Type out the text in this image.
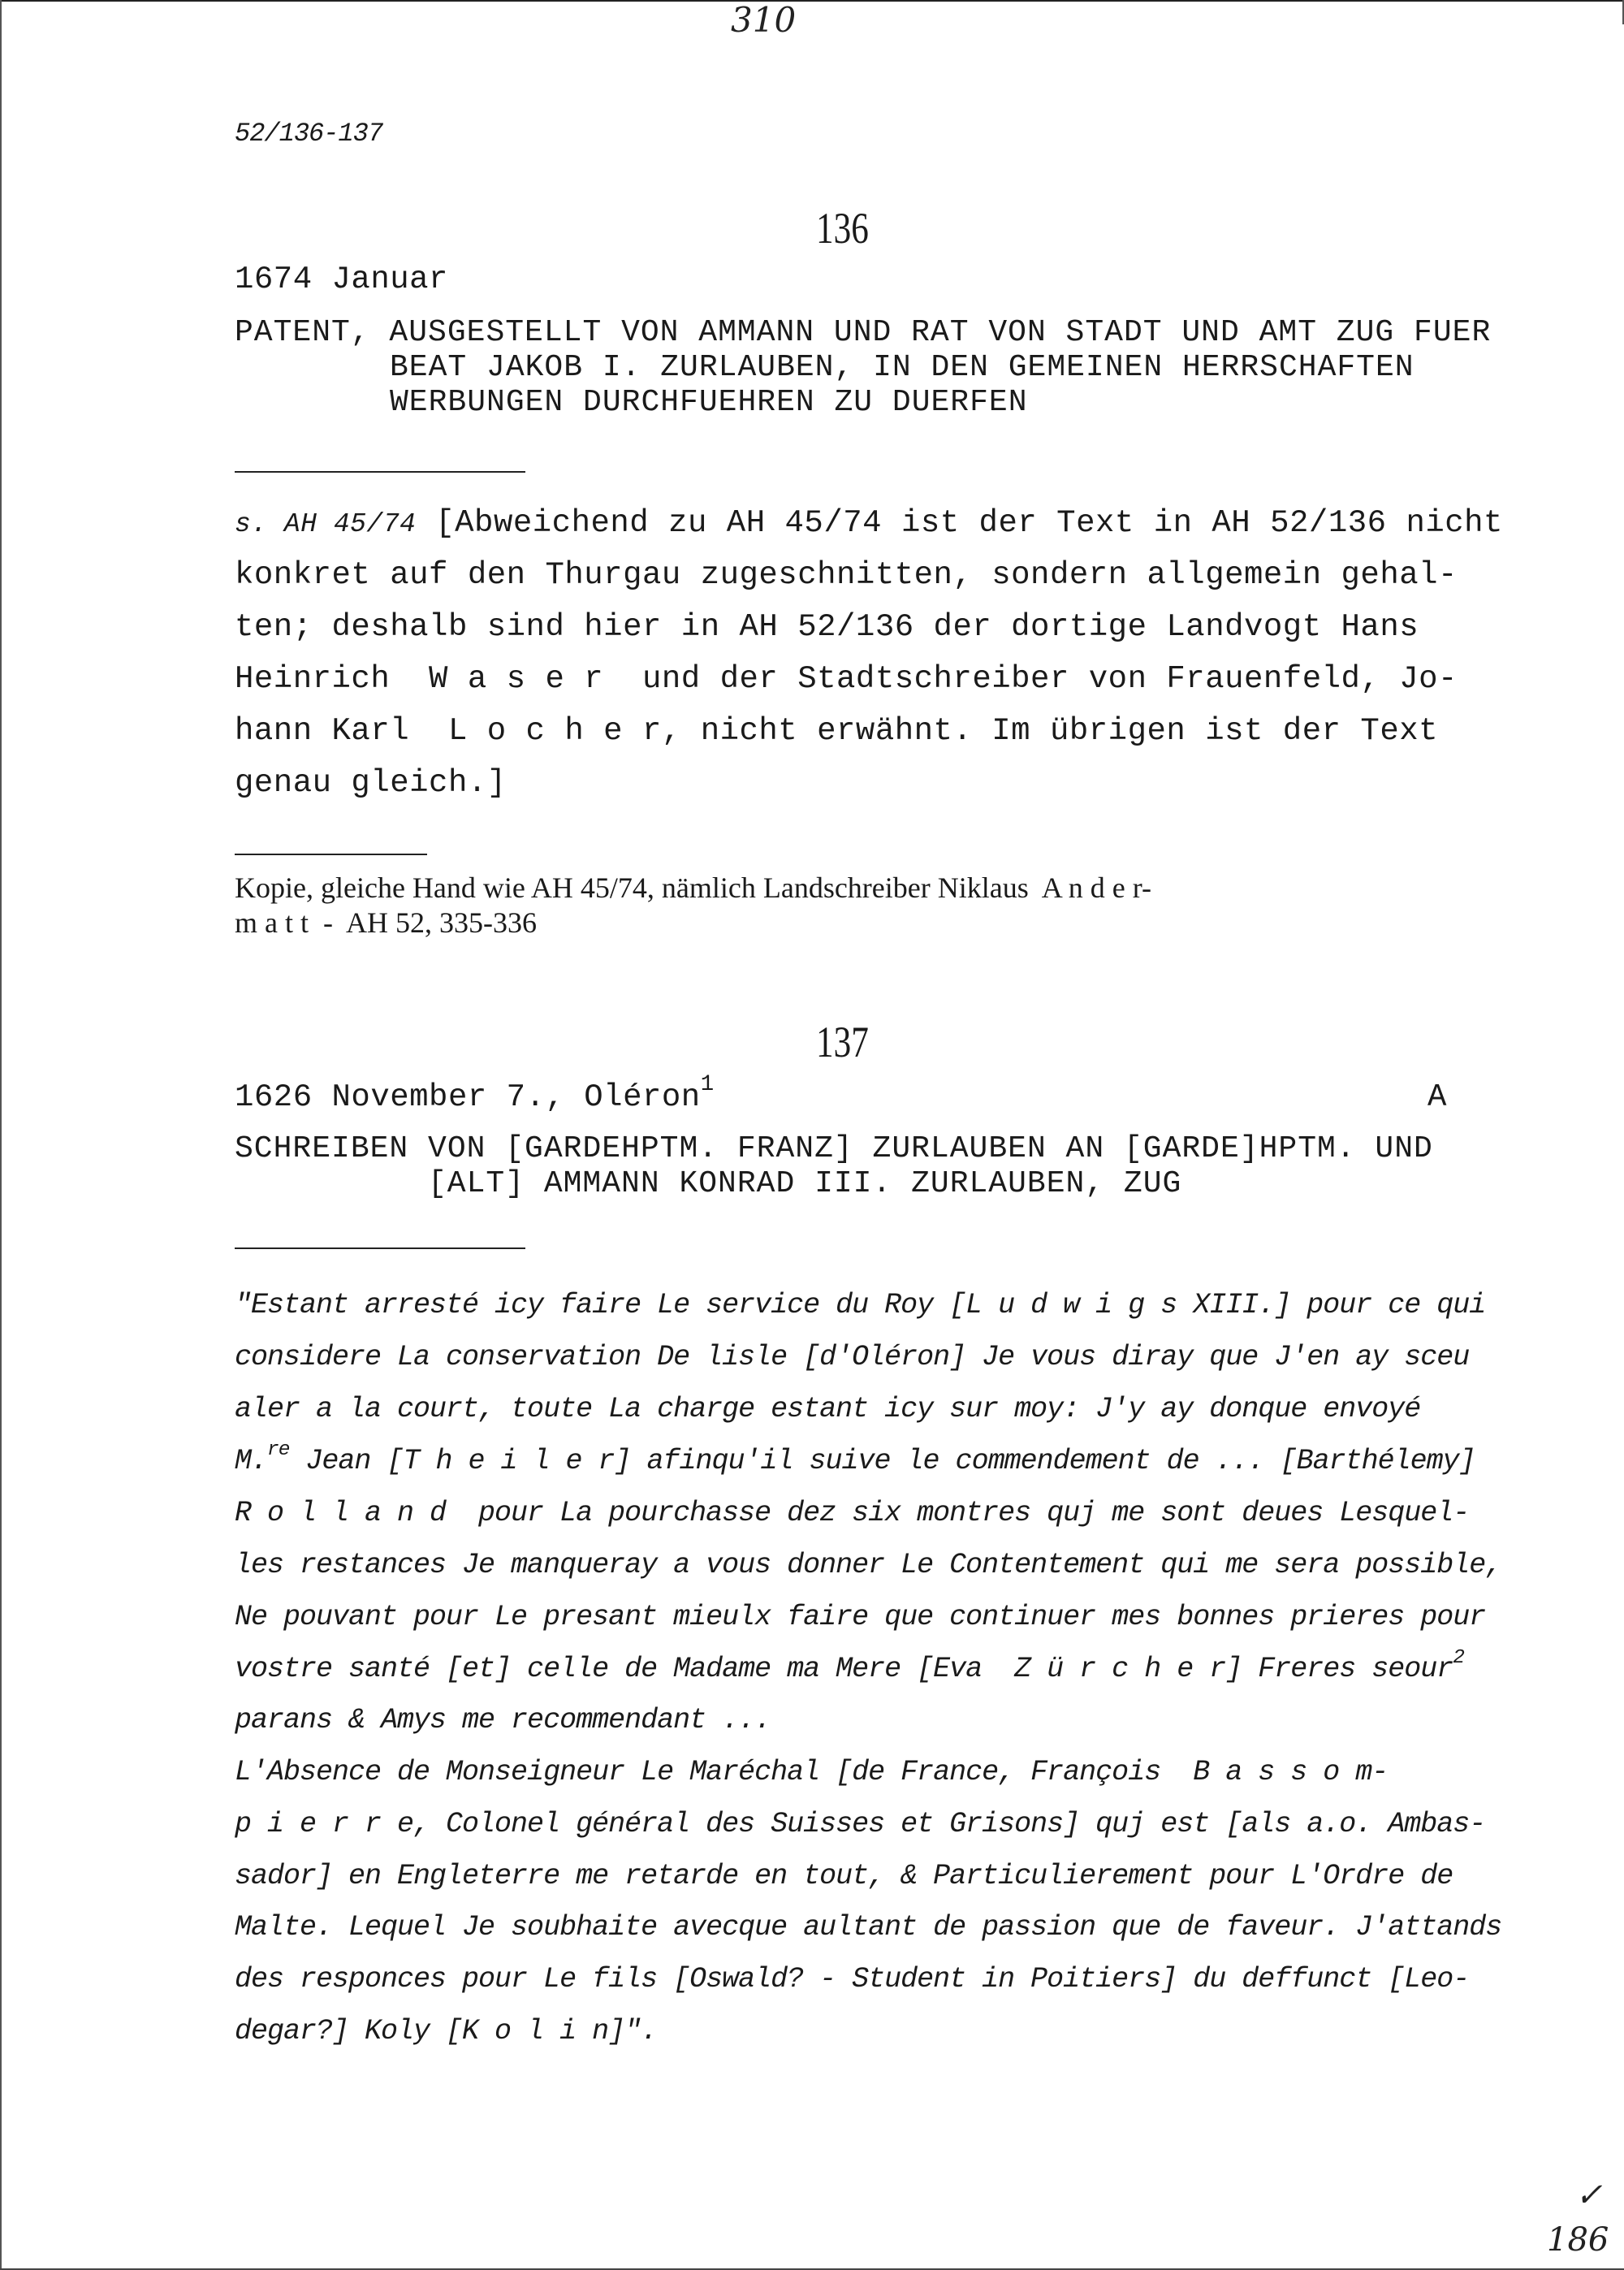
310
52/136-137
136
1674 Januar
PATENT, AUSGESTELLT VON AMMANN UND RAT VON STADT UND AMT ZUG FUER
BEAT JAKOB I. ZURLAUBEN, IN DEN GEMEINEN HERRSCHAFTEN
WERBUNGEN DURCHFUEHREN ZU DUERFEN
s. AH 45/74 [Abweichend zu AH 45/74 ist der Text in AH 52/136 nicht
konkret auf den Thurgau zugeschnitten, sondern allgemein gehal-
ten; deshalb sind hier in AH 52/136 der dortige Landvogt Hans
Heinrich  W a s e r  und der Stadtschreiber von Frauenfeld, Jo-
hann Karl  L o c h e r, nicht erwähnt. Im übrigen ist der Text
genau gleich.]
Kopie, gleiche Hand wie AH 45/74, nämlich Landschreiber Niklaus  A n d e r-
m a t t  -  AH 52, 335-336
137
1626 November 7., Oléron$^1$	A
SCHREIBEN VON [GARDEHPTM. FRANZ] ZURLAUBEN AN [GARDE]HPTM. UND
[ALT] AMMANN KONRAD III. ZURLAUBEN, ZUG
"Estant arresté icy faire Le service du Roy [L u d w i g s XIII.] pour ce qui
considere La conservation De lisle [d'Oléron] Je vous diray que J'en ay sceu
aler a la court, toute La charge estant icy sur moy: J'y ay donque envoyé
M.$^{re}$ Jean [T h e i l e r] afinqu'il suive le commendement de ... [Barthélemy]
R o l l a n d  pour La pourchasse dez six montres quj me sont deues Lesquel-
les restances Je manqueray a vous donner Le Contentement qui me sera possible,
Ne pouvant pour Le presant mieulx faire que continuer mes bonnes prieres pour
vostre santé [et] celle de Madame ma Mere [Eva  Z ü r c h e r] Freres seour$^2$
parans & Amys me recommendant ...
L'Absence de Monseigneur Le Maréchal [de France, François  B a s s o m-
p i e r r e, Colonel général des Suisses et Grisons] quj est [als a.o. Ambas-
sador] en Engleterre me retarde en tout, & Particulierement pour L'Ordre de
Malte. Lequel Je soubhaite avecque aultant de passion que de faveur. J'attands
des responces pour Le fils [Oswald? - Student in Poitiers] du deffunct [Leo-
degar?] Koly [K o l i n]".
✓
186
